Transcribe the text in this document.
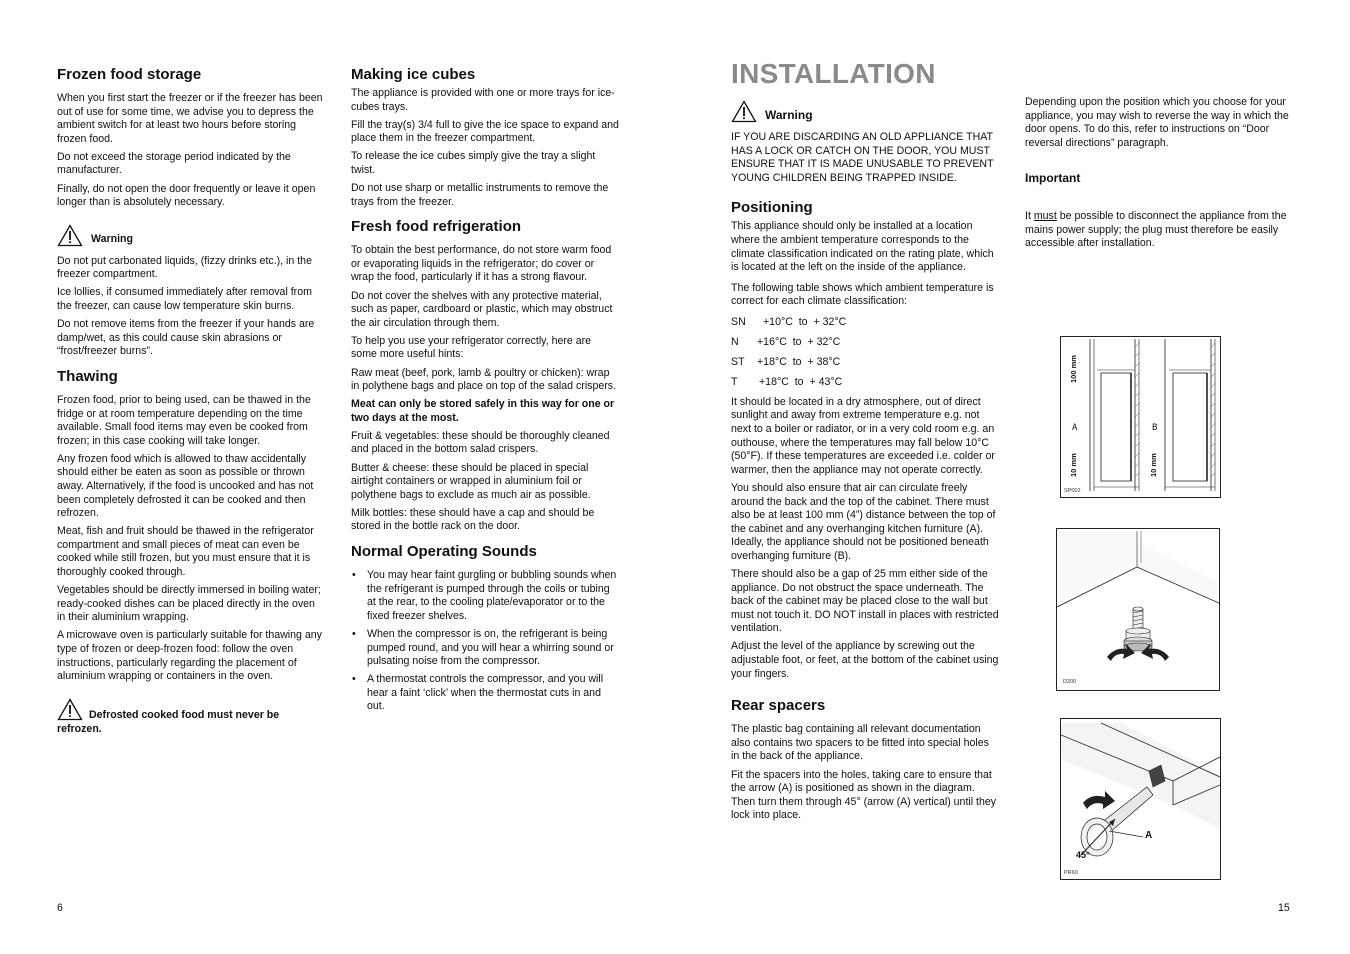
Frozen food storage

When you first start the freezer or if the freezer has been out of use for some time, we advise you to depress the ambient switch for at least two hours before storing frozen food.

Do not exceed the storage period indicated by the manufacturer.

Finally, do not open the door frequently or leave it open longer than is absolutely necessary.

Warning

Do not put carbonated liquids, (fizzy drinks etc.), in the freezer compartment.

Ice lollies, if consumed immediately after removal from the freezer, can cause low temperature skin burns.

Do not remove items from the freezer if your hands are damp/wet, as this could cause skin abrasions or “frost/freezer burns”.

Thawing

Frozen food, prior to being used, can be thawed in the fridge or at room temperature depending on the time available. Small food items may even be cooked from frozen; in this case cooking will take longer.

Any frozen food which is allowed to thaw accidentally should either be eaten as soon as possible or thrown away. Alternatively, if the food is uncooked and has not been completely defrosted it can be cooked and then refrozen.

Meat, fish and fruit should be thawed in the refrigerator compartment and small pieces of meat can even be cooked while still frozen, but you must ensure that it is thoroughly cooked through.

Vegetables should be directly immersed in boiling water; ready-cooked dishes can be placed directly in the oven in their aluminium wrapping.

A microwave oven is particularly suitable for thawing any type of frozen or deep-frozen food: follow the oven instructions, particularly regarding the placement of aluminium wrapping or containers in the oven.

Defrosted cooked food must never be refrozen.
Making ice cubes

The appliance is provided with one or more trays for ice-cubes trays.

Fill the tray(s) 3/4 full to give the ice space to expand and place them in the freezer compartment.

To release the ice cubes simply give the tray a slight twist.

Do not use sharp or metallic instruments to remove the trays from the freezer.

Fresh food refrigeration

To obtain the best performance, do not store warm food or evaporating liquids in the refrigerator; do cover or wrap the food, particularly if it has a strong flavour.

Do not cover the shelves with any protective material, such as paper, cardboard or plastic, which may obstruct the air circulation through them.

To help you use your refrigerator correctly, here are some more useful hints:

Raw meat (beef, pork, lamb & poultry or chicken): wrap in polythene bags and place on top of the salad crispers.

Meat can only be stored safely in this way for one or two days at the most.

Fruit & vegetables: these should be thoroughly cleaned and placed in the bottom salad crispers.

Butter & cheese: these should be placed in special airtight containers or wrapped in aluminium foil or polythene bags to exclude as much air as possible.

Milk bottles: these should have a cap and should be stored in the bottle rack on the door.

Normal Operating Sounds
• You may hear faint gurgling or bubbling sounds when the refrigerant is pumped through the coils or tubing at the rear, to the cooling plate/evaporator or to the fixed freezer shelves.
• When the compressor is on, the refrigerant is being pumped round, and you will hear a whirring sound or pulsating noise from the compressor.
• A thermostat controls the compressor, and you will hear a faint ‘click’ when the thermostat cuts in and out.
6
INSTALLATION
Warning

IF YOU ARE DISCARDING AN OLD APPLIANCE THAT HAS A LOCK OR CATCH ON THE DOOR, YOU MUST ENSURE THAT IT IS MADE UNUSABLE TO PREVENT YOUNG CHILDREN BEING TRAPPED INSIDE.

Positioning

This appliance should only be installed at a location where the ambient temperature corresponds to the climate classification indicated on the rating plate, which is located at the left on the inside of the appliance.

The following table shows which ambient temperature is correct for each climate classification:

SN	+10°C  to  + 32°C
N	+16°C  to  + 32°C
ST	+18°C  to  + 38°C
T	+18°C  to  + 43°C

It should be located in a dry atmosphere, out of direct sunlight and away from extreme temperature e.g. not next to a boiler or radiator, or in a very cold room e.g. an outhouse, where the temperatures may fall below 10°C (50°F). If these temperatures are exceeded i.e. colder or warmer, then the appliance may not operate correctly.

You should also ensure that air can circulate freely around the back and the top of the cabinet. There must also be at least 100 mm (4”) distance between the top of the cabinet and any overhanging kitchen furniture (A). Ideally, the appliance should not be positioned beneath overhanging furniture (B).

There should also be a gap of 25 mm either side of the appliance. Do not obstruct the space underneath. The back of the cabinet may be placed close to the wall but must not touch it. DO NOT install in places with restricted ventilation.

Adjust the level of the appliance by screwing out the adjustable foot, or feet, at the bottom of the cabinet using your fingers.

Rear spacers

The plastic bag containing all relevant documentation also contains two spacers to be fitted into special holes in the back of the appliance.

Fit the spacers into the holes, taking care to ensure that the arrow (A) is positioned as shown in the diagram. Then turn them through 45° (arrow (A) vertical) until they lock into place.

Depending upon the position which you choose for your appliance, you may wish to reverse the way in which the door opens. To do this, refer to instructions on “Door reversal directions” paragraph.

Important

It must be possible to disconnect the appliance from the mains power supply; the plug must therefore be easily accessible after installation.

100 mm
10 mm	10 mm
A	B
SP002
D200
A
45°
PR60
15
